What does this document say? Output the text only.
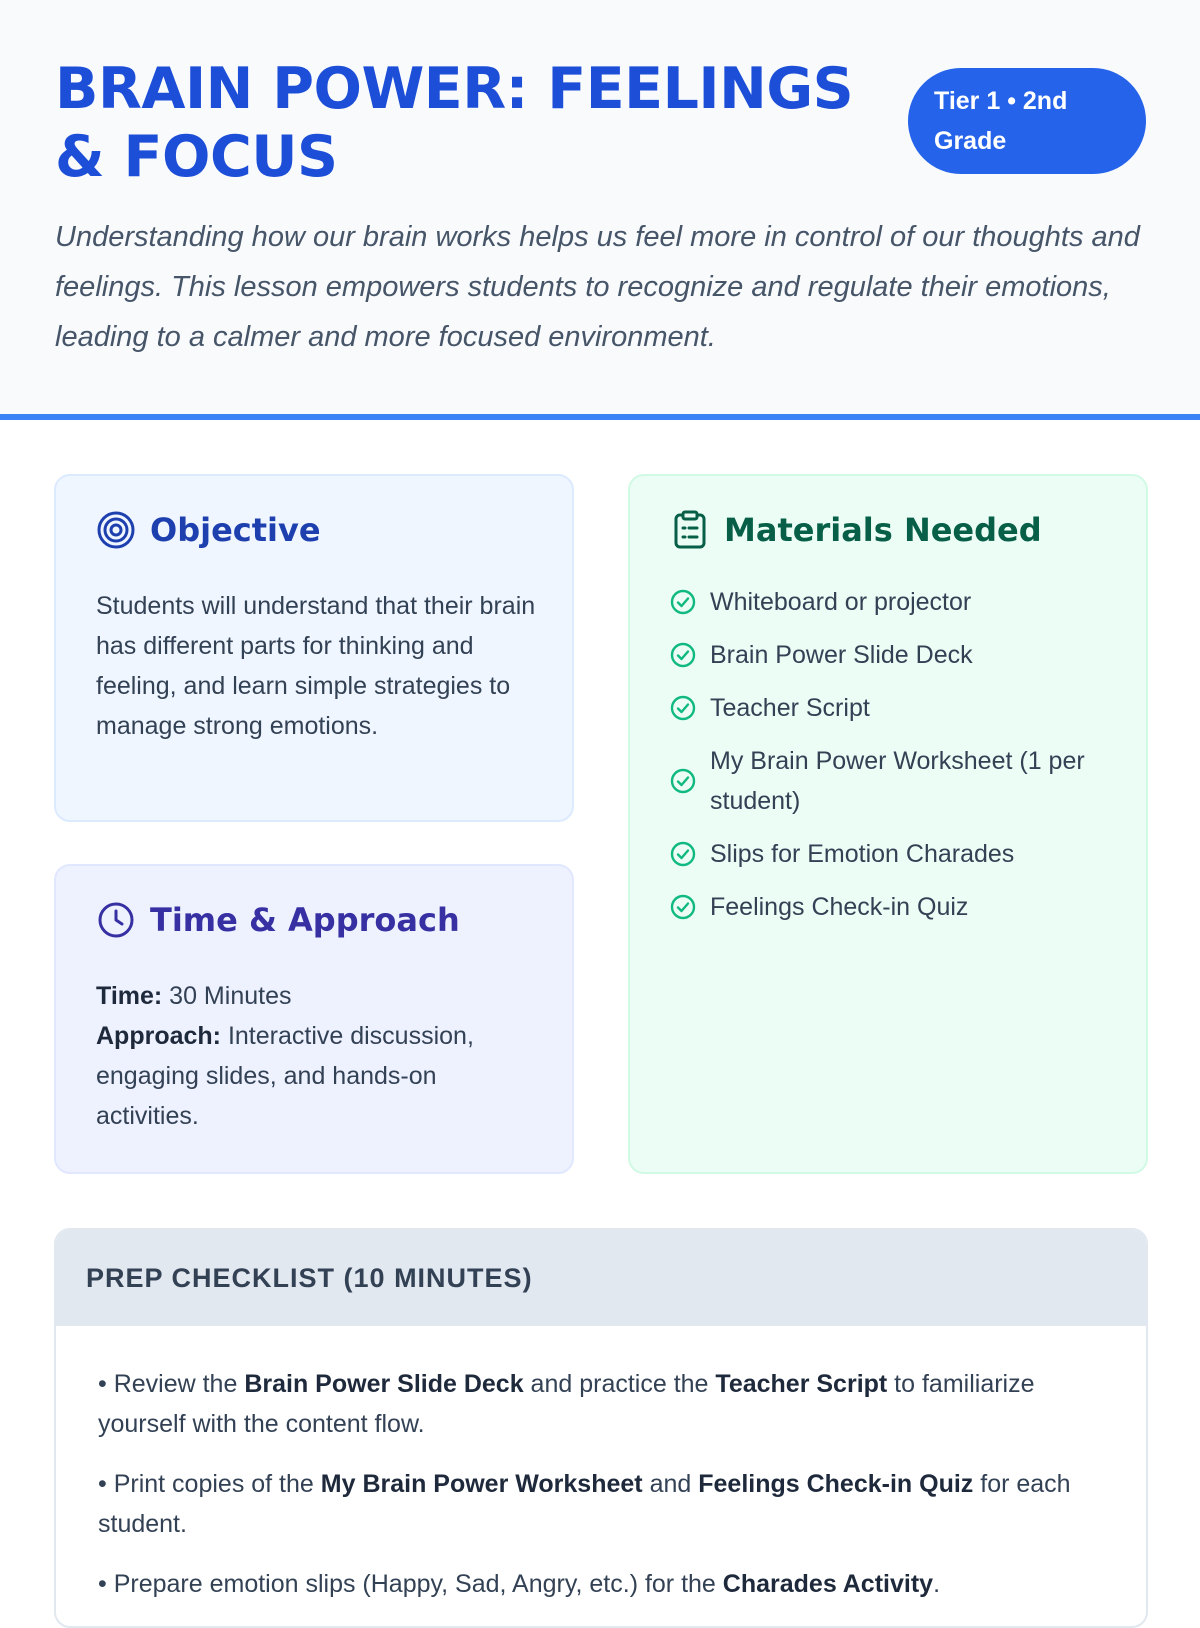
BRAIN POWER: FEELINGS & FOCUS
Tier 1 • 2nd Grade

Understanding how our brain works helps us feel more in control of our thoughts and feelings. This lesson empowers students to recognize and regulate their emotions, leading to a calmer and more focused environment.

Objective

Students will understand that their brain has different parts for thinking and feeling, and learn simple strategies to manage strong emotions.

Time & Approach
Time: 30 Minutes
Approach: Interactive discussion, engaging slides, and hands-on activities.
Materials Needed
Whiteboard or projector
Brain Power Slide Deck
Teacher Script
My Brain Power Worksheet (1 per student)
Slips for Emotion Charades
Feelings Check-in Quiz
PREP CHECKLIST (10 MINUTES)
• Review the Brain Power Slide Deck and practice the Teacher Script to familiarize yourself with the content flow.
• Print copies of the My Brain Power Worksheet and Feelings Check-in Quiz for each student.
• Prepare emotion slips (Happy, Sad, Angry, etc.) for the Charades Activity.
